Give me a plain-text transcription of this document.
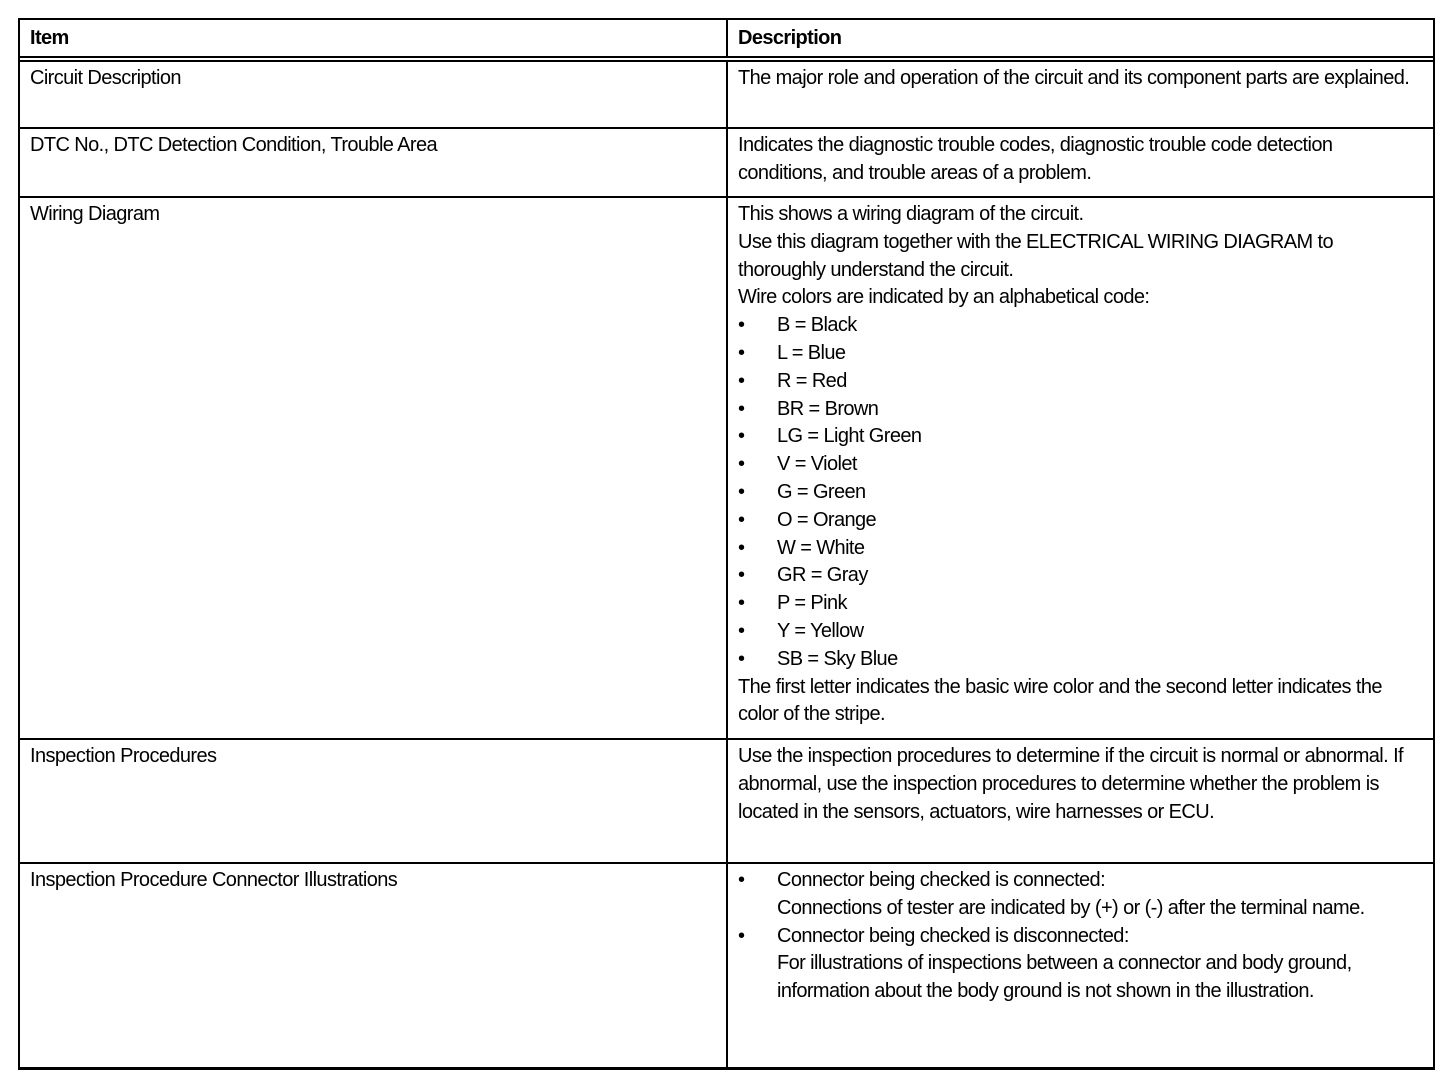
Item	Description
Circuit Description	The major role and operation of the circuit and its component parts are explained.
DTC No., DTC Detection Condition, Trouble Area	Indicates the diagnostic trouble codes, diagnostic trouble code detection conditions, and trouble areas of a problem.
Wiring Diagram	This shows a wiring diagram of the circuit.
Use this diagram together with the ELECTRICAL WIRING DIAGRAM to thoroughly understand the circuit.
Wire colors are indicated by an alphabetical code:
•	B = Black
•	L = Blue
•	R = Red
•	BR = Brown
•	LG = Light Green
•	V = Violet
•	G = Green
•	O = Orange
•	W = White
•	GR = Gray
•	P = Pink
•	Y = Yellow
•	SB = Sky Blue
The first letter indicates the basic wire color and the second letter indicates the color of the stripe.
Inspection Procedures	Use the inspection procedures to determine if the circuit is normal or abnormal. If abnormal, use the inspection procedures to determine whether the problem is located in the sensors, actuators, wire harnesses or ECU.
Inspection Procedure Connector Illustrations	•	Connector being checked is connected:
Connections of tester are indicated by (+) or (-) after the terminal name.
•	Connector being checked is disconnected:
For illustrations of inspections between a connector and body ground, information about the body ground is not shown in the illustration.
